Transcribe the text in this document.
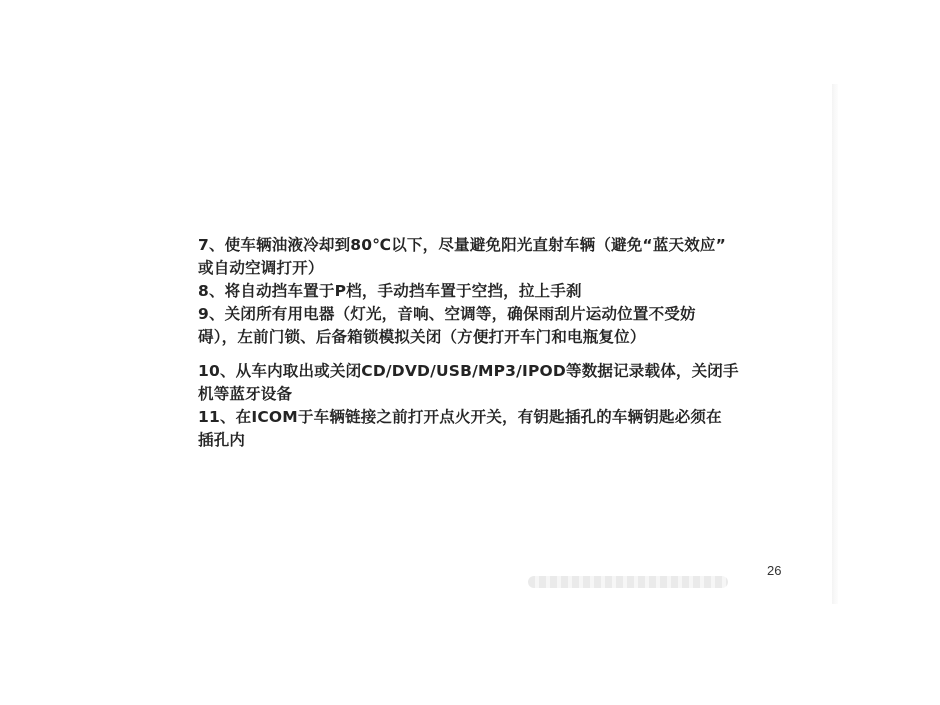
7、使车辆油液冷却到80℃以下，尽量避免阳光直射车辆（避免“蓝天效应”
或自动空调打开）

8、将自动挡车置于P档，手动挡车置于空挡，拉上手刹

9、关闭所有用电器（灯光，音响、空调等，确保雨刮片运动位置不受妨
碍），左前门锁、后备箱锁模拟关闭（方便打开车门和电瓶复位）

10、从车内取出或关闭CD/DVD/USB/MP3/IPOD等数据记录载体，关闭手
机等蓝牙设备

11、在ICOM于车辆链接之前打开点火开关，有钥匙插孔的车辆钥匙必须在
插孔内

26
